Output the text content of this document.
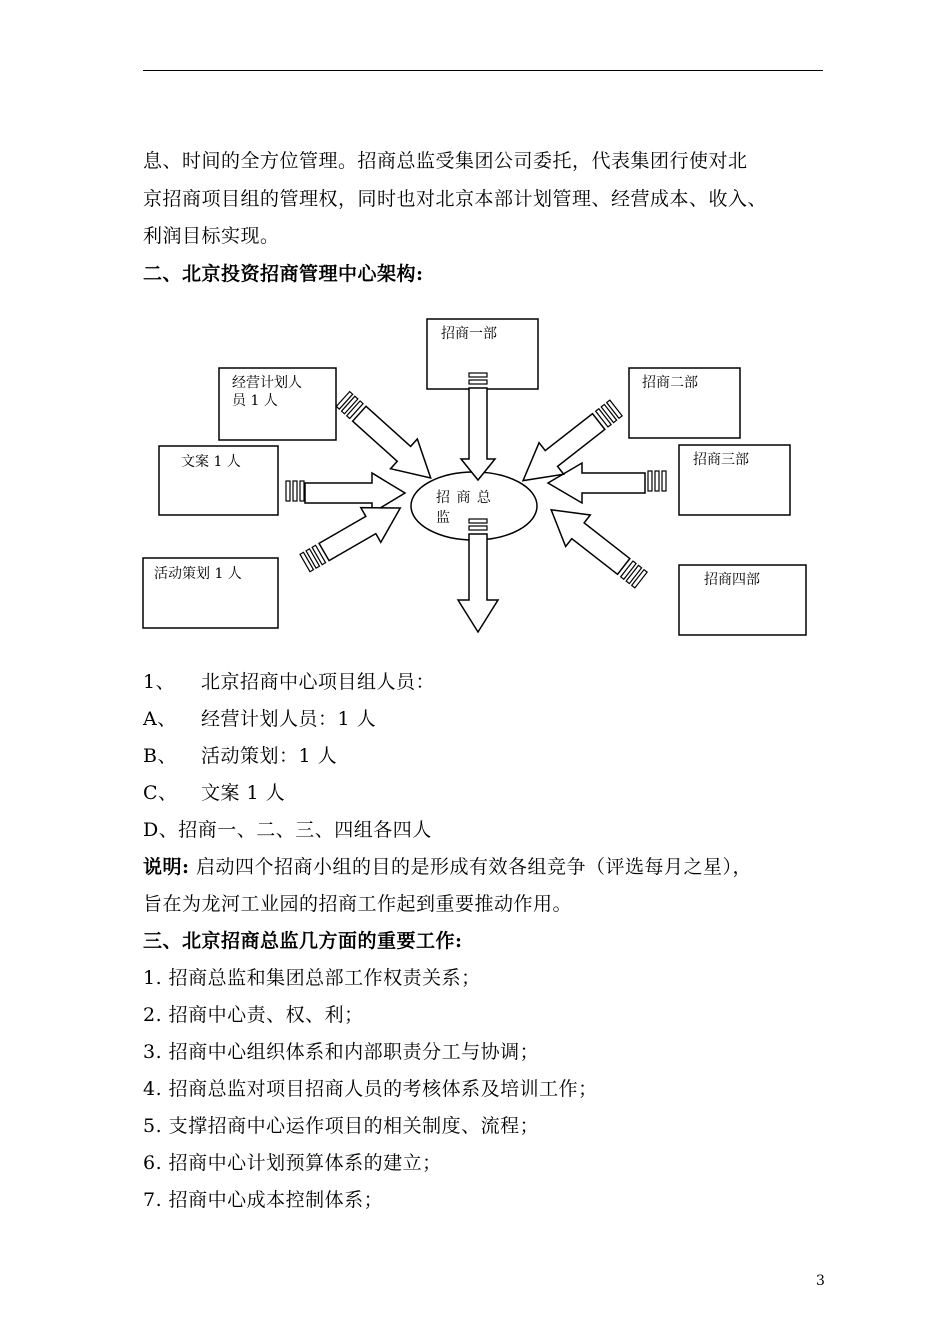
息、时间的全方位管理。招商总监受集团公司委托，代表集团行使对北
京招商项目组的管理权，同时也对北京本部计划管理、经营成本、收入、
利润目标实现。
二、北京投资招商管理中心架构:
招商一部
经营计划人
员 1 人
招商二部
文案 1 人	招商三部
活动策划 1 人	招商四部
招 商 总 监
1、 北京招商中心项目组人员：
A、 经营计划人员：1 人
B、 活动策划：1 人
C、 文案 1 人
D、招商一、二、三、四组各四人
说明: 启动四个招商小组的目的是形成有效各组竞争（评选每月之星），
旨在为龙河工业园的招商工作起到重要推动作用。
三、北京招商总监几方面的重要工作:
1. 招商总监和集团总部工作权责关系；
2. 招商中心责、权、利；
3. 招商中心组织体系和内部职责分工与协调；
4. 招商总监对项目招商人员的考核体系及培训工作；
5. 支撑招商中心运作项目的相关制度、流程；
6. 招商中心计划预算体系的建立；
7. 招商中心成本控制体系；
3
